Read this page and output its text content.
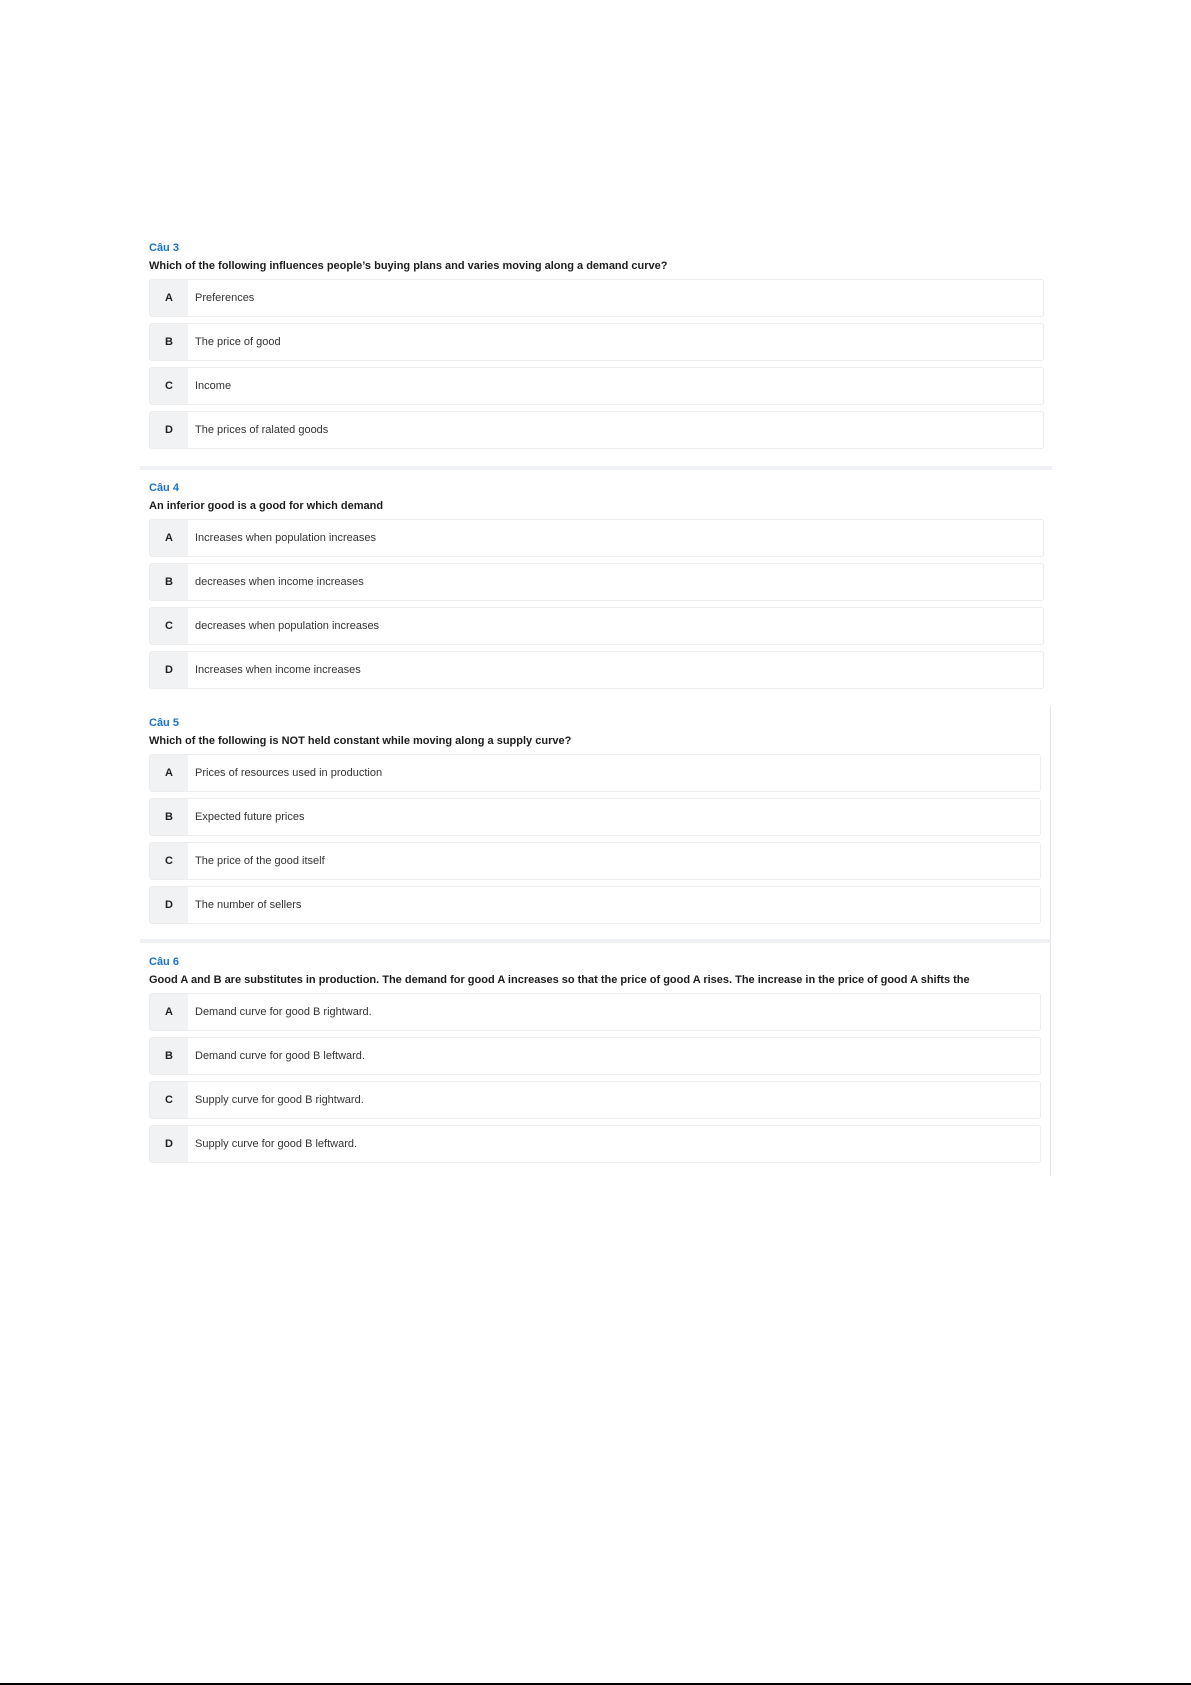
Câu 3
Which of the following influences people’s buying plans and varies moving along a demand curve?
A	Preferences
B	The price of good
C	Income
D	The prices of ralated goods
Câu 4
An inferior good is a good for which demand
A	Increases when population increases
B	decreases when income increases
C	decreases when population increases
D	Increases when income increases
Câu 5
Which of the following is NOT held constant while moving along a supply curve?
A	Prices of resources used in production
B	Expected future prices
C	The price of the good itself
D	The number of sellers
Câu 6
Good A and B are substitutes in production. The demand for good A increases so that the price of good A rises. The increase in the price of good A shifts the
A	Demand curve for good B rightward.
B	Demand curve for good B leftward.
C	Supply curve for good B rightward.
D	Supply curve for good B leftward.
